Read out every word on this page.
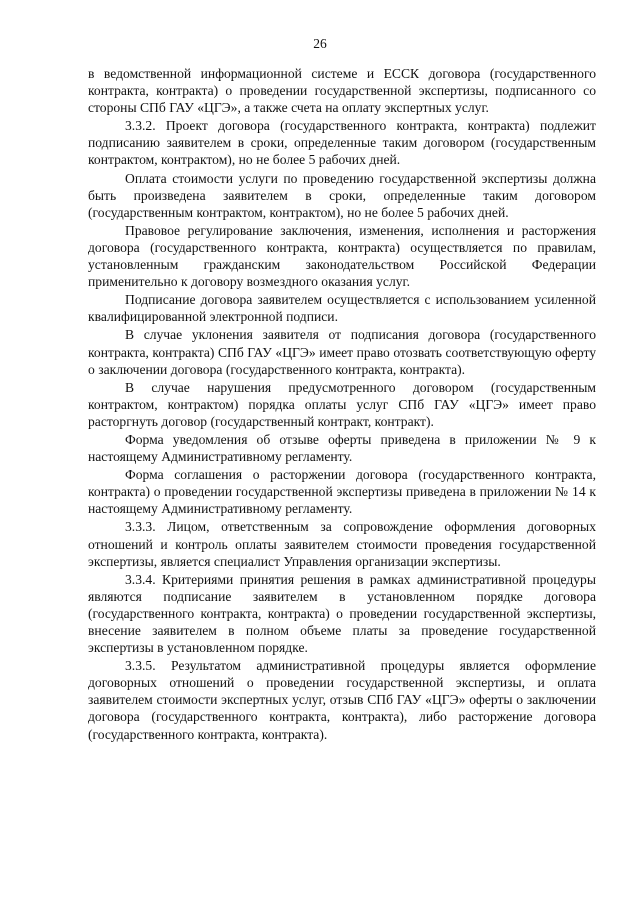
26

в ведомственной информационной системе и ЕССК договора (государственного контракта, контракта) о проведении государственной экспертизы, подписанного со стороны СПб ГАУ «ЦГЭ», а также счета на оплату экспертных услуг.

3.3.2. Проект договора (государственного контракта, контракта) подлежит подписанию заявителем в сроки, определенные таким договором (государственным контрактом, контрактом), но не более 5 рабочих дней.

Оплата стоимости услуги по проведению государственной экспертизы должна быть произведена заявителем в сроки, определенные таким договором (государственным контрактом, контрактом), но не более 5 рабочих дней.

Правовое регулирование заключения, изменения, исполнения и расторжения договора (государственного контракта, контракта) осуществляется по правилам, установленным гражданским законодательством Российской Федерации применительно к договору возмездного оказания услуг.

Подписание договора заявителем осуществляется с использованием усиленной квалифицированной электронной подписи.

В случае уклонения заявителя от подписания договора (государственного контракта, контракта) СПб ГАУ «ЦГЭ» имеет право отозвать соответствующую оферту о заключении договора (государственного контракта, контракта).

В случае нарушения предусмотренного договором (государственным контрактом, контрактом) порядка оплаты услуг СПб ГАУ «ЦГЭ» имеет право расторгнуть договор (государственный контракт, контракт).

Форма уведомления об отзыве оферты приведена в приложении № 9 к настоящему Административному регламенту.

Форма соглашения о расторжении договора (государственного контракта, контракта) о проведении государственной экспертизы приведена в приложении № 14 к настоящему Административному регламенту.

3.3.3. Лицом, ответственным за сопровождение оформления договорных отношений и контроль оплаты заявителем стоимости проведения государственной экспертизы, является специалист Управления организации экспертизы.

3.3.4. Критериями принятия решения в рамках административной процедуры являются подписание заявителем в установленном порядке договора (государственного контракта, контракта) о проведении государственной экспертизы, внесение заявителем в полном объеме платы за проведение государственной экспертизы в установленном порядке.

3.3.5. Результатом административной процедуры является оформление договорных отношений о проведении государственной экспертизы, и оплата заявителем стоимости экспертных услуг, отзыв СПб ГАУ «ЦГЭ» оферты о заключении договора (государственного контракта, контракта), либо расторжение договора (государственного контракта, контракта).
